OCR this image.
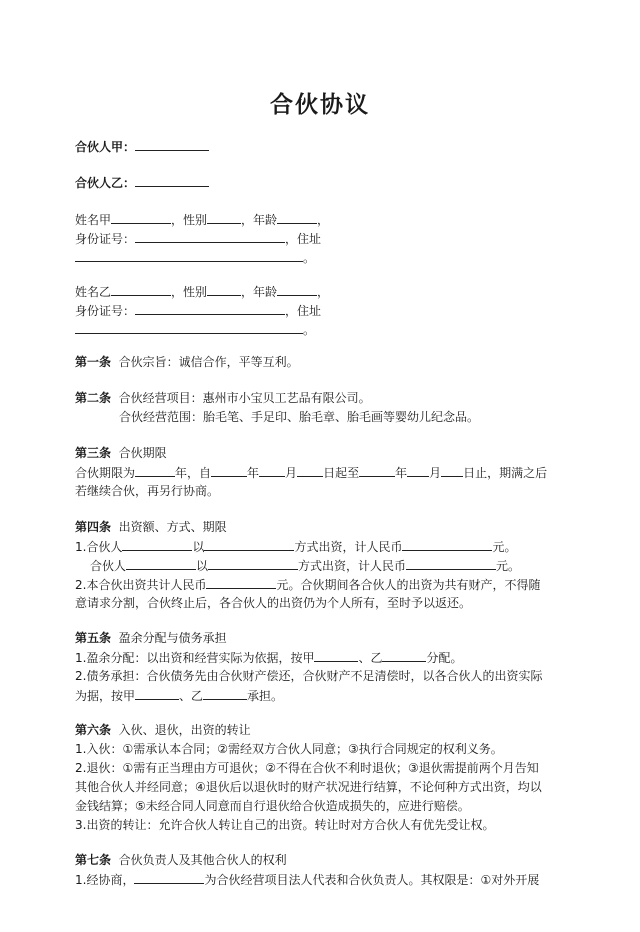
合伙协议
合伙人甲：
合伙人乙：
姓名甲	，性别	，年龄	，
身份证号：	，住址
。
姓名乙	，性别	，年龄	，
身份证号：	，住址
。
第一条 合伙宗旨：诚信合作，平等互利。
第二条 合伙经营项目：惠州市小宝贝工艺品有限公司。
合伙经营范围：胎毛笔、手足印、胎毛章、胎毛画等婴幼儿纪念品。
第三条 合伙期限
合伙期限为	年，自	年 月 日起至	年 月 日止，期满之后
若继续合伙，再另行协商。
第四条 出资额、方式、期限
1.合伙人	以	方式出资，计人民币	元。
合伙人	以	方式出资，计人民币	元。
2.本合伙出资共计人民币	元。合伙期间各合伙人的出资为共有财产，不得随
意请求分割，合伙终止后，各合伙人的出资仍为个人所有，至时予以返还。
第五条 盈余分配与债务承担
1.盈余分配：以出资和经营实际为依据，按甲	、乙	分配。
2.债务承担：合伙债务先由合伙财产偿还，合伙财产不足清偿时，以各合伙人的出资实际
为据，按甲	、乙	承担。
第六条 入伙、退伙，出资的转让
1.入伙：①需承认本合同；②需经双方合伙人同意；③执行合同规定的权利义务。
2.退伙：①需有正当理由方可退伙；②不得在合伙不利时退伙；③退伙需提前两个月告知
其他合伙人并经同意；④退伙后以退伙时的财产状况进行结算，不论何种方式出资，均以
金钱结算；⑤未经合同人同意而自行退伙给合伙造成损失的，应进行赔偿。
3.出资的转让：允许合伙人转让自己的出资。转让时对方合伙人有优先受让权。
第七条 合伙负责人及其他合伙人的权利
1.经协商，	为合伙经营项目法人代表和合伙负责人。其权限是：①对外开展
